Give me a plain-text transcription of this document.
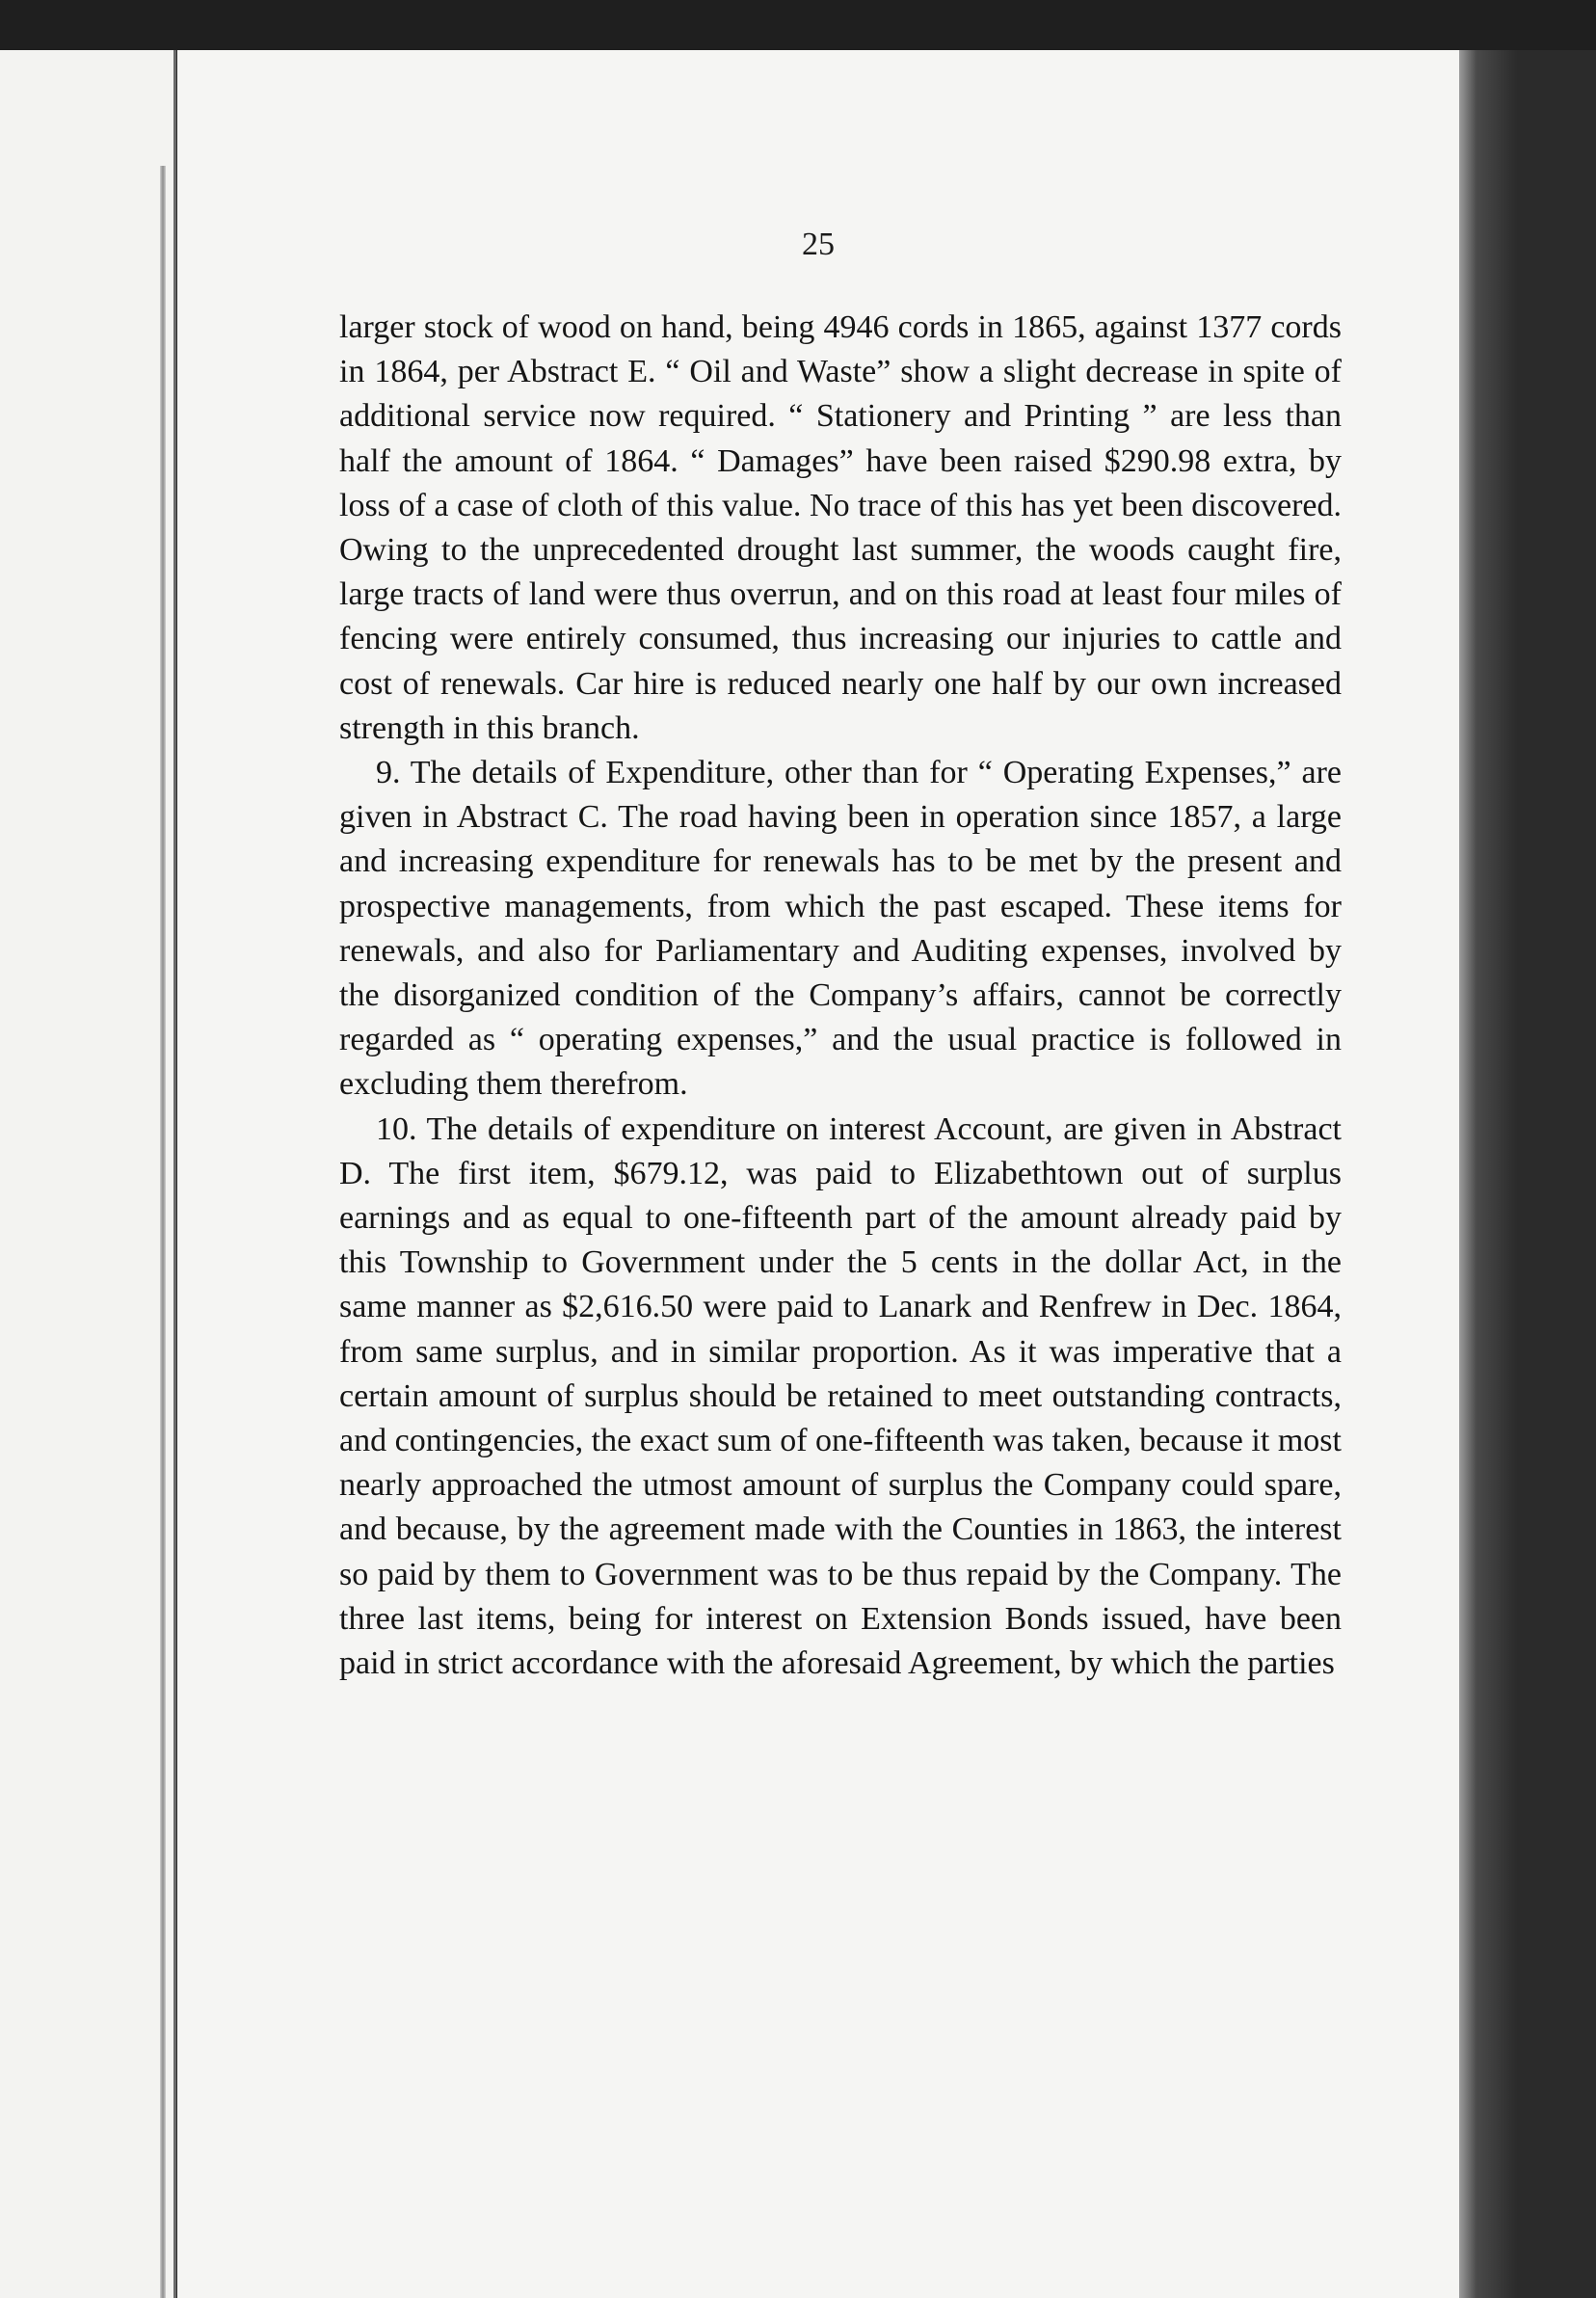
25

larger stock of wood on hand, being 4946 cords in 1865, against 1377 cords in 1864, per Abstract E. “ Oil and Waste” show a slight decrease in spite of additional service now required. “ Stationery and Printing ” are less than half the amount of 1864. “ Damages” have been raised $290.98 extra, by loss of a case of cloth of this value. No trace of this has yet been discovered. Owing to the unprecedented drought last summer, the woods caught fire, large tracts of land were thus overrun, and on this road at least four miles of fencing were entirely consumed, thus increasing our injuries to cattle and cost of renewals. Car hire is reduced nearly one half by our own increased strength in this branch.

9. The details of Expenditure, other than for “ Operating Expenses,” are given in Abstract C. The road having been in operation since 1857, a large and increasing expenditure for renewals has to be met by the present and prospective managements, from which the past escaped. These items for renewals, and also for Parliamentary and Auditing expenses, involved by the disorganized condition of the Company’s affairs, cannot be correctly regarded as “ operating expenses,” and the usual practice is followed in excluding them therefrom.

10. The details of expenditure on interest Account, are given in Abstract D. The first item, $679.12, was paid to Elizabethtown out of surplus earnings and as equal to one-fifteenth part of the amount already paid by this Township to Government under the 5 cents in the dollar Act, in the same manner as $2,616.50 were paid to Lanark and Renfrew in Dec. 1864, from same surplus, and in similar proportion. As it was imperative that a certain amount of surplus should be retained to meet outstanding contracts, and contingencies, the exact sum of one-fifteenth was taken, because it most nearly approached the utmost amount of surplus the Company could spare, and because, by the agreement made with the Counties in 1863, the interest so paid by them to Government was to be thus repaid by the Company. The three last items, being for interest on Extension Bonds issued, have been paid in strict accordance with the aforesaid Agreement, by which the parties
